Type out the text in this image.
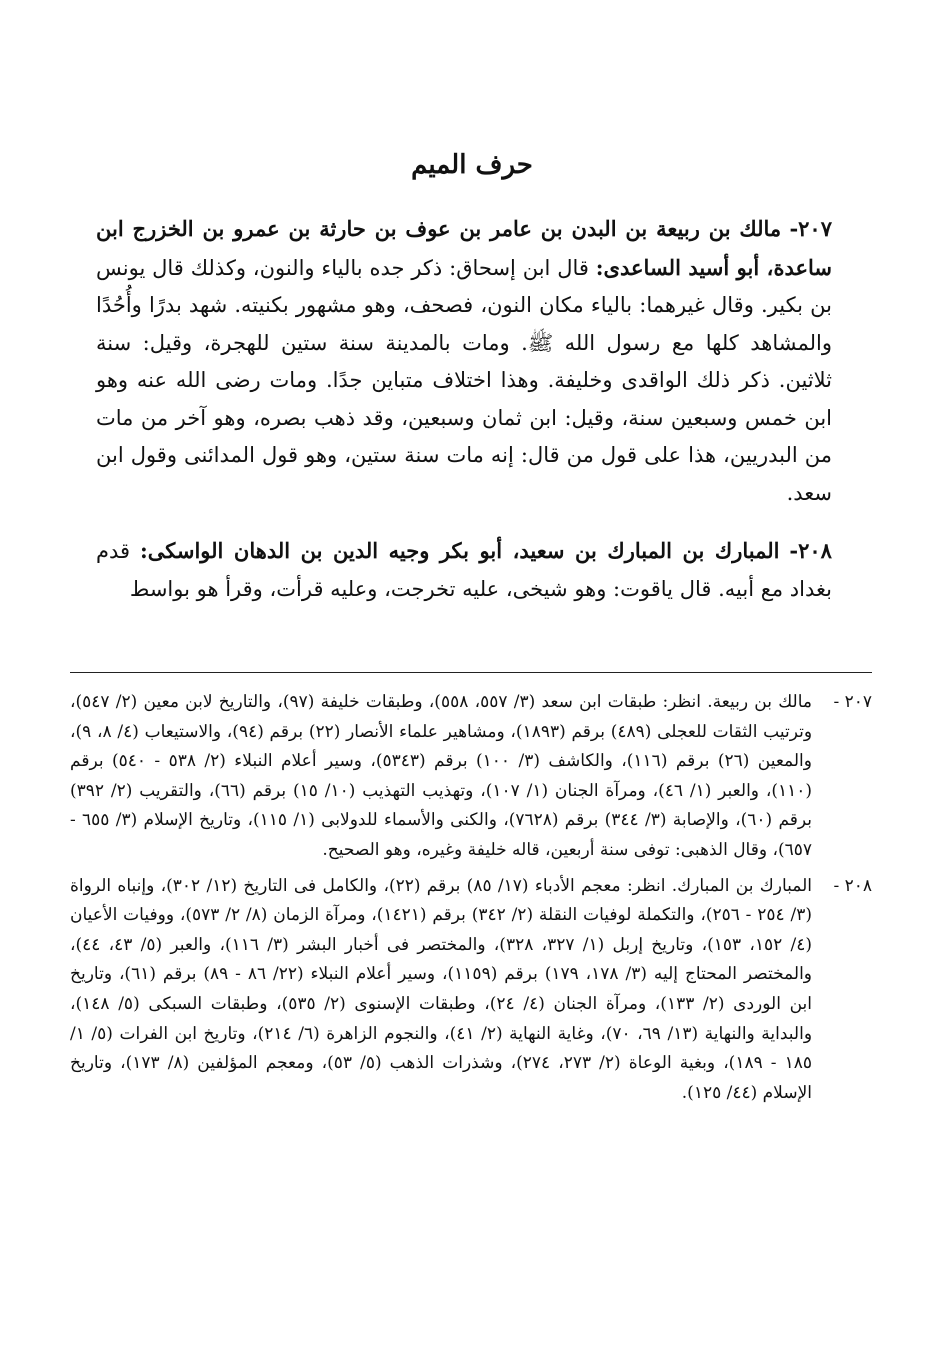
حرف الميم

٢٠٧- مالك بن ربيعة بن البدن بن عامر بن عوف بن حارثة بن عمرو بن الخزرج ابن ساعدة، أبو أسيد الساعدى: قال ابن إسحاق: ذكر جده بالياء والنون، وكذلك قال يونس بن بكير. وقال غيرهما: بالياء مكان النون، فصحف، وهو مشهور بكنيته. شهد بدرًا وأُحُدًا والمشاهد كلها مع رسول الله ﷺ. ومات بالمدينة سنة ستين للهجرة، وقيل: سنة ثلاثين. ذكر ذلك الواقدى وخليفة. وهذا اختلاف متباين جدًا. ومات رضى الله عنه وهو ابن خمس وسبعين سنة، وقيل: ابن ثمان وسبعين، وقد ذهب بصره، وهو آخر من مات من البدريين، هذا على قول من قال: إنه مات سنة ستين، وهو قول المدائنى وقول ابن سعد.

٢٠٨- المبارك بن المبارك بن سعيد، أبو بكر وجيه الدين بن الدهان الواسكى: قدم بغداد مع أبيه. قال ياقوت: وهو شيخى، عليه تخرجت، وعليه قرأت، وقرأ هو بواسط

٢٠٧ -
مالك بن ربيعة. انظر: طبقات ابن سعد (٣/ ٥٥٧، ٥٥٨)، وطبقات خليفة (٩٧)، والتاريخ لابن معين (٢/ ٥٤٧)، وترتيب الثقات للعجلى (٤٨٩) برقم (١٨٩٣)، ومشاهير علماء الأنصار (٢٢) برقم (٩٤)، والاستيعاب (٤/ ٨، ٩)، والمعين (٢٦) برقم (١١٦)، والكاشف (٣/ ١٠٠) برقم (٥٣٤٣)، وسير أعلام النبلاء (٢/ ٥٣٨ - ٥٤٠) برقم (١١٠)، والعبر (١/ ٤٦)، ومرآة الجنان (١/ ١٠٧)، وتهذيب التهذيب (١٠/ ١٥) برقم (٦٦)، والتقريب (٢/ ٣٩٢) برقم (٦٠)، والإصابة (٣/ ٣٤٤) برقم (٧٦٢٨)، والكنى والأسماء للدولابى (١/ ١١٥)، وتاريخ الإسلام (٣/ ٦٥٥ - ٦٥٧)، وقال الذهبى: توفى سنة أربعين، قاله خليفة وغيره، وهو الصحيح.
٢٠٨ -
المبارك بن المبارك. انظر: معجم الأدباء (١٧/ ٨٥) برقم (٢٢)، والكامل فى التاريخ (١٢/ ٣٠٢)، وإنباه الرواة (٣/ ٢٥٤ - ٢٥٦)، والتكملة لوفيات النقلة (٢/ ٣٤٢) برقم (١٤٢١)، ومرآة الزمان (٨/ ٢/ ٥٧٣)، ووفيات الأعيان (٤/ ١٥٢، ١٥٣)، وتاريخ إربل (١/ ٣٢٧، ٣٢٨)، والمختصر فى أخبار البشر (٣/ ١١٦)، والعبر (٥/ ٤٣، ٤٤)، والمختصر المحتاج إليه (٣/ ١٧٨، ١٧٩) برقم (١١٥٩)، وسير أعلام النبلاء (٢٢/ ٨٦ - ٨٩) برقم (٦١)، وتاريخ ابن الوردى (٢/ ١٣٣)، ومرآة الجنان (٤/ ٢٤)، وطبقات الإسنوى (٢/ ٥٣٥)، وطبقات السبكى (٥/ ١٤٨)، والبداية والنهاية (١٣/ ٦٩، ٧٠)، وغاية النهاية (٢/ ٤١)، والنجوم الزاهرة (٦/ ٢١٤)، وتاريخ ابن الفرات (٥/ ١/ ١٨٥ - ١٨٩)، وبغية الوعاة (٢/ ٢٧٣، ٢٧٤)، وشذرات الذهب (٥/ ٥٣)، ومعجم المؤلفين (٨/ ١٧٣)، وتاريخ الإسلام (٤٤/ ١٢٥).
